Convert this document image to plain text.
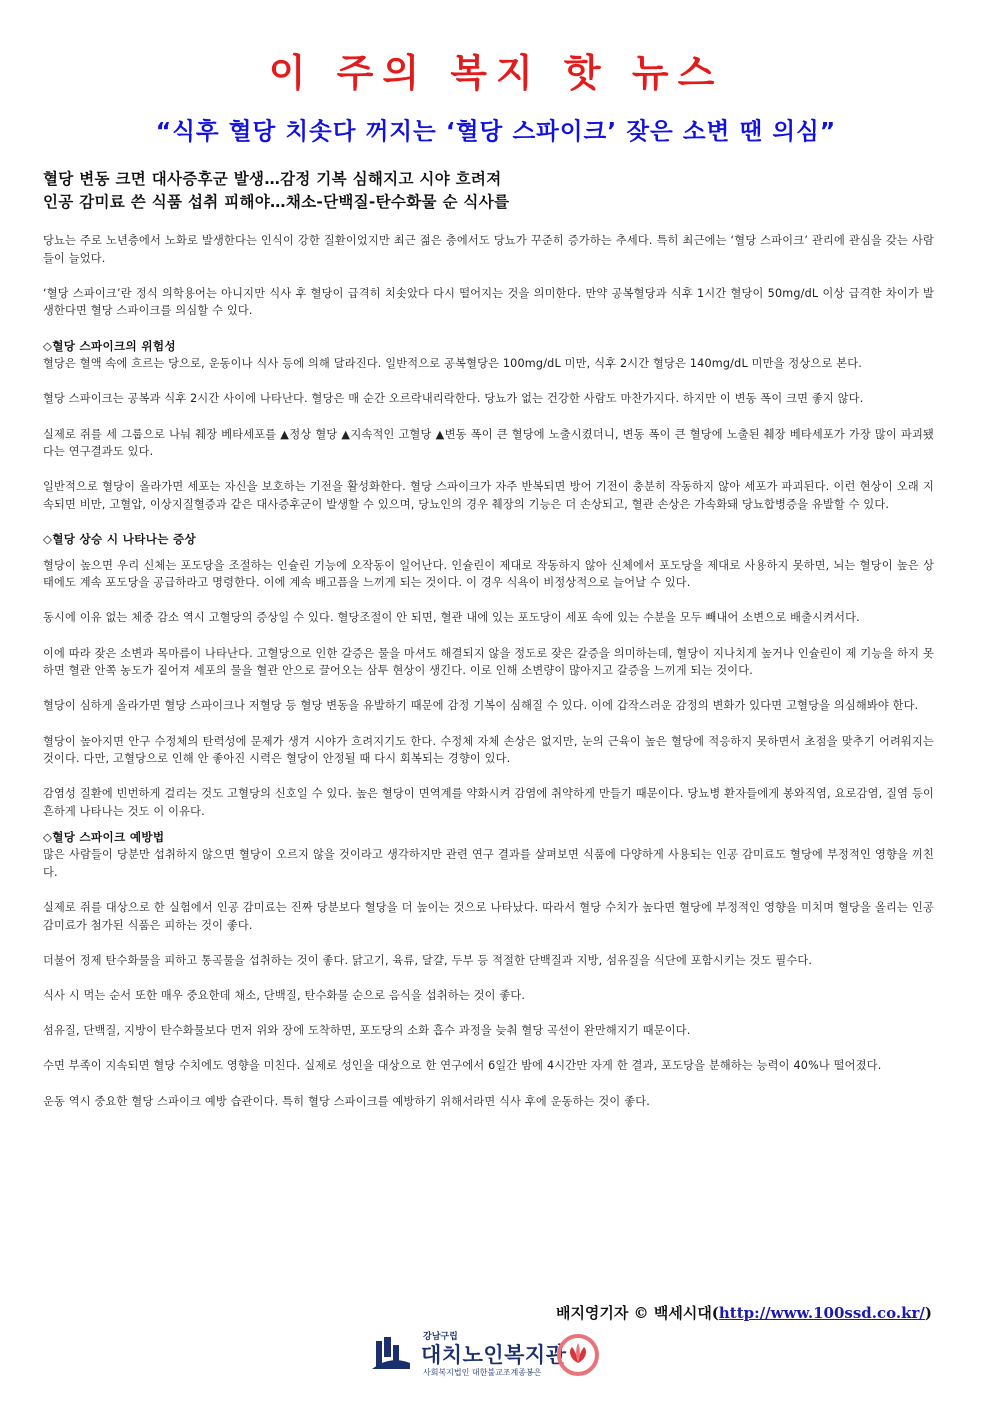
이 주의 복지 핫 뉴스
“식후 혈당 치솟다 꺼지는 ‘혈당 스파이크’ 잦은 소변 땐 의심”
혈당 변동 크면 대사증후군 발생…감정 기복 심해지고 시야 흐려져
인공 감미료 쓴 식품 섭취 피해야…채소-단백질-탄수화물 순 식사를

당뇨는 주로 노년층에서 노화로 발생한다는 인식이 강한 질환이었지만 최근 젊은 층에서도 당뇨가 꾸준히 증가하는 추세다. 특히 최근에는 ‘혈당 스파이크’ 관리에 관심을 갖는 사람들이 늘었다.

‘혈당 스파이크’란 정식 의학용어는 아니지만 식사 후 혈당이 급격히 치솟았다 다시 떨어지는 것을 의미한다. 만약 공복혈당과 식후 1시간 혈당이 50mg/dL 이상 급격한 차이가 발생한다면 혈당 스파이크를 의심할 수 있다.

◇혈당 스파이크의 위험성

혈당은 혈액 속에 흐르는 당으로, 운동이나 식사 등에 의해 달라진다. 일반적으로 공복혈당은 100mg/dL 미만, 식후 2시간 혈당은 140mg/dL 미만을 정상으로 본다.

혈당 스파이크는 공복과 식후 2시간 사이에 나타난다. 혈당은 매 순간 오르락내리락한다. 당뇨가 없는 건강한 사람도 마찬가지다. 하지만 이 변동 폭이 크면 좋지 않다.

실제로 쥐를 세 그룹으로 나눠 췌장 베타세포를 ▲정상 혈당 ▲지속적인 고혈당 ▲변동 폭이 큰 혈당에 노출시켰더니, 변동 폭이 큰 혈당에 노출된 췌장 베타세포가 가장 많이 파괴됐다는 연구결과도 있다.

일반적으로 혈당이 올라가면 세포는 자신을 보호하는 기전을 활성화한다. 혈당 스파이크가 자주 반복되면 방어 기전이 충분히 작동하지 않아 세포가 파괴된다. 이런 현상이 오래 지속되면 비만, 고혈압, 이상지질혈증과 같은 대사증후군이 발생할 수 있으며, 당뇨인의 경우 췌장의 기능은 더 손상되고, 혈관 손상은 가속화돼 당뇨합병증을 유발할 수 있다.

◇혈당 상승 시 나타나는 증상

혈당이 높으면 우리 신체는 포도당을 조절하는 인슐린 기능에 오작동이 일어난다. 인슐린이 제대로 작동하지 않아 신체에서 포도당을 제대로 사용하지 못하면, 뇌는 혈당이 높은 상태에도 계속 포도당을 공급하라고 명령한다. 이에 계속 배고픔을 느끼게 되는 것이다. 이 경우 식욕이 비정상적으로 늘어날 수 있다.

동시에 이유 없는 체중 감소 역시 고혈당의 증상일 수 있다. 혈당조절이 안 되면, 혈관 내에 있는 포도당이 세포 속에 있는 수분을 모두 빼내어 소변으로 배출시켜서다.

이에 따라 잦은 소변과 목마름이 나타난다. 고혈당으로 인한 갈증은 물을 마셔도 해결되지 않을 정도로 잦은 갈증을 의미하는데, 혈당이 지나치게 높거나 인슐린이 제 기능을 하지 못하면 혈관 안쪽 농도가 짙어져 세포의 물을 혈관 안으로 끌어오는 삼투 현상이 생긴다. 이로 인해 소변량이 많아지고 갈증을 느끼게 되는 것이다.

혈당이 심하게 올라가면 혈당 스파이크나 저혈당 등 혈당 변동을 유발하기 때문에 감정 기복이 심해질 수 있다. 이에 갑작스러운 감정의 변화가 있다면 고혈당을 의심해봐야 한다.

혈당이 높아지면 안구 수정체의 탄력성에 문제가 생겨 시야가 흐려지기도 한다. 수정체 자체 손상은 없지만, 눈의 근육이 높은 혈당에 적응하지 못하면서 초점을 맞추기 어려워지는 것이다. 다만, 고혈당으로 인해 안 좋아진 시력은 혈당이 안정될 때 다시 회복되는 경향이 있다.

감염성 질환에 빈번하게 걸리는 것도 고혈당의 신호일 수 있다. 높은 혈당이 면역계를 약화시켜 감염에 취약하게 만들기 때문이다. 당뇨병 환자들에게 봉와직염, 요로감염, 질염 등이 흔하게 나타나는 것도 이 이유다.

◇혈당 스파이크 예방법

많은 사람들이 당분만 섭취하지 않으면 혈당이 오르지 않을 것이라고 생각하지만 관련 연구 결과를 살펴보면 식품에 다양하게 사용되는 인공 감미료도 혈당에 부정적인 영향을 끼친다.

실제로 쥐를 대상으로 한 실험에서 인공 감미료는 진짜 당분보다 혈당을 더 높이는 것으로 나타났다. 따라서 혈당 수치가 높다면 혈당에 부정적인 영향을 미치며 혈당을 올리는 인공 감미료가 첨가된 식품은 피하는 것이 좋다.

더불어 정제 탄수화물을 피하고 통곡물을 섭취하는 것이 좋다. 닭고기, 육류, 달걀, 두부 등 적절한 단백질과 지방, 섬유질을 식단에 포함시키는 것도 필수다.

식사 시 먹는 순서 또한 매우 중요한데 채소, 단백질, 탄수화물 순으로 음식을 섭취하는 것이 좋다.

섬유질, 단백질, 지방이 탄수화물보다 먼저 위와 장에 도착하면, 포도당의 소화 흡수 과정을 늦춰 혈당 곡선이 완만해지기 때문이다.

수면 부족이 지속되면 혈당 수치에도 영향을 미친다. 실제로 성인을 대상으로 한 연구에서 6일간 밤에 4시간만 자게 한 결과, 포도당을 분해하는 능력이 40%나 떨어졌다.

운동 역시 중요한 혈당 스파이크 예방 습관이다. 특히 혈당 스파이크를 예방하기 위해서라면 식사 후에 운동하는 것이 좋다.

배지영기자 © 백세시대(http://www.100ssd.co.kr/)
강남구립
대치노인복지관
사회복지법인 대한불교조계종봉은
